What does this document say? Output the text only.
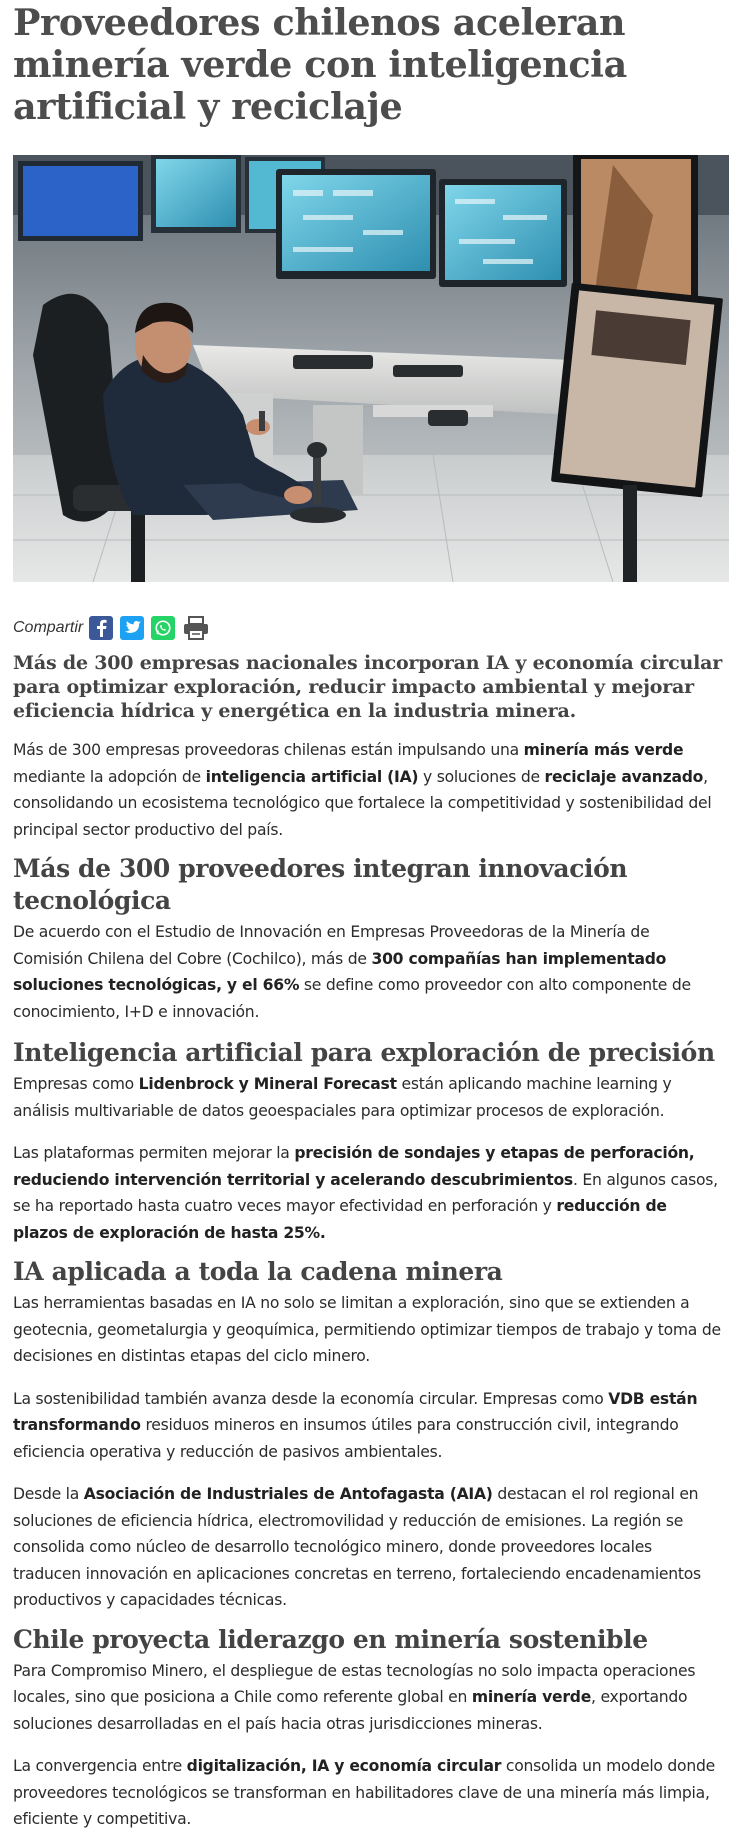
Proveedores chilenos aceleran minería verde con inteligencia artificial y reciclaje
Compartir

Más de 300 empresas nacionales incorporan IA y economía circular para optimizar exploración, reducir impacto ambiental y mejorar eficiencia hídrica y energética en la industria minera.

Más de 300 empresas proveedoras chilenas están impulsando una minería más verde mediante la adopción de inteligencia artificial (IA) y soluciones de reciclaje avanzado, consolidando un ecosistema tecnológico que fortalece la competitividad y sostenibilidad del principal sector productivo del país.

Más de 300 proveedores integran innovación tecnológica

De acuerdo con el Estudio de Innovación en Empresas Proveedoras de la Minería de Comisión Chilena del Cobre (Cochilco), más de 300 compañías han implementado soluciones tecnológicas, y el 66% se define como proveedor con alto componente de conocimiento, I+D e innovación.

Inteligencia artificial para exploración de precisión

Empresas como Lidenbrock y Mineral Forecast están aplicando machine learning y análisis multivariable de datos geoespaciales para optimizar procesos de exploración.

Las plataformas permiten mejorar la precisión de sondajes y etapas de perforación, reduciendo intervención territorial y acelerando descubrimientos. En algunos casos, se ha reportado hasta cuatro veces mayor efectividad en perforación y reducción de plazos de exploración de hasta 25%.

IA aplicada a toda la cadena minera

Las herramientas basadas en IA no solo se limitan a exploración, sino que se extienden a geotecnia, geometalurgia y geoquímica, permitiendo optimizar tiempos de trabajo y toma de decisiones en distintas etapas del ciclo minero.

La sostenibilidad también avanza desde la economía circular. Empresas como VDB están transformando residuos mineros en insumos útiles para construcción civil, integrando eficiencia operativa y reducción de pasivos ambientales.

Desde la Asociación de Industriales de Antofagasta (AIA) destacan el rol regional en soluciones de eficiencia hídrica, electromovilidad y reducción de emisiones. La región se consolida como núcleo de desarrollo tecnológico minero, donde proveedores locales traducen innovación en aplicaciones concretas en terreno, fortaleciendo encadenamientos productivos y capacidades técnicas.

Chile proyecta liderazgo en minería sostenible

Para Compromiso Minero, el despliegue de estas tecnologías no solo impacta operaciones locales, sino que posiciona a Chile como referente global en minería verde, exportando soluciones desarrolladas en el país hacia otras jurisdicciones mineras.

La convergencia entre digitalización, IA y economía circular consolida un modelo donde proveedores tecnológicos se transforman en habilitadores clave de una minería más limpia, eficiente y competitiva.
